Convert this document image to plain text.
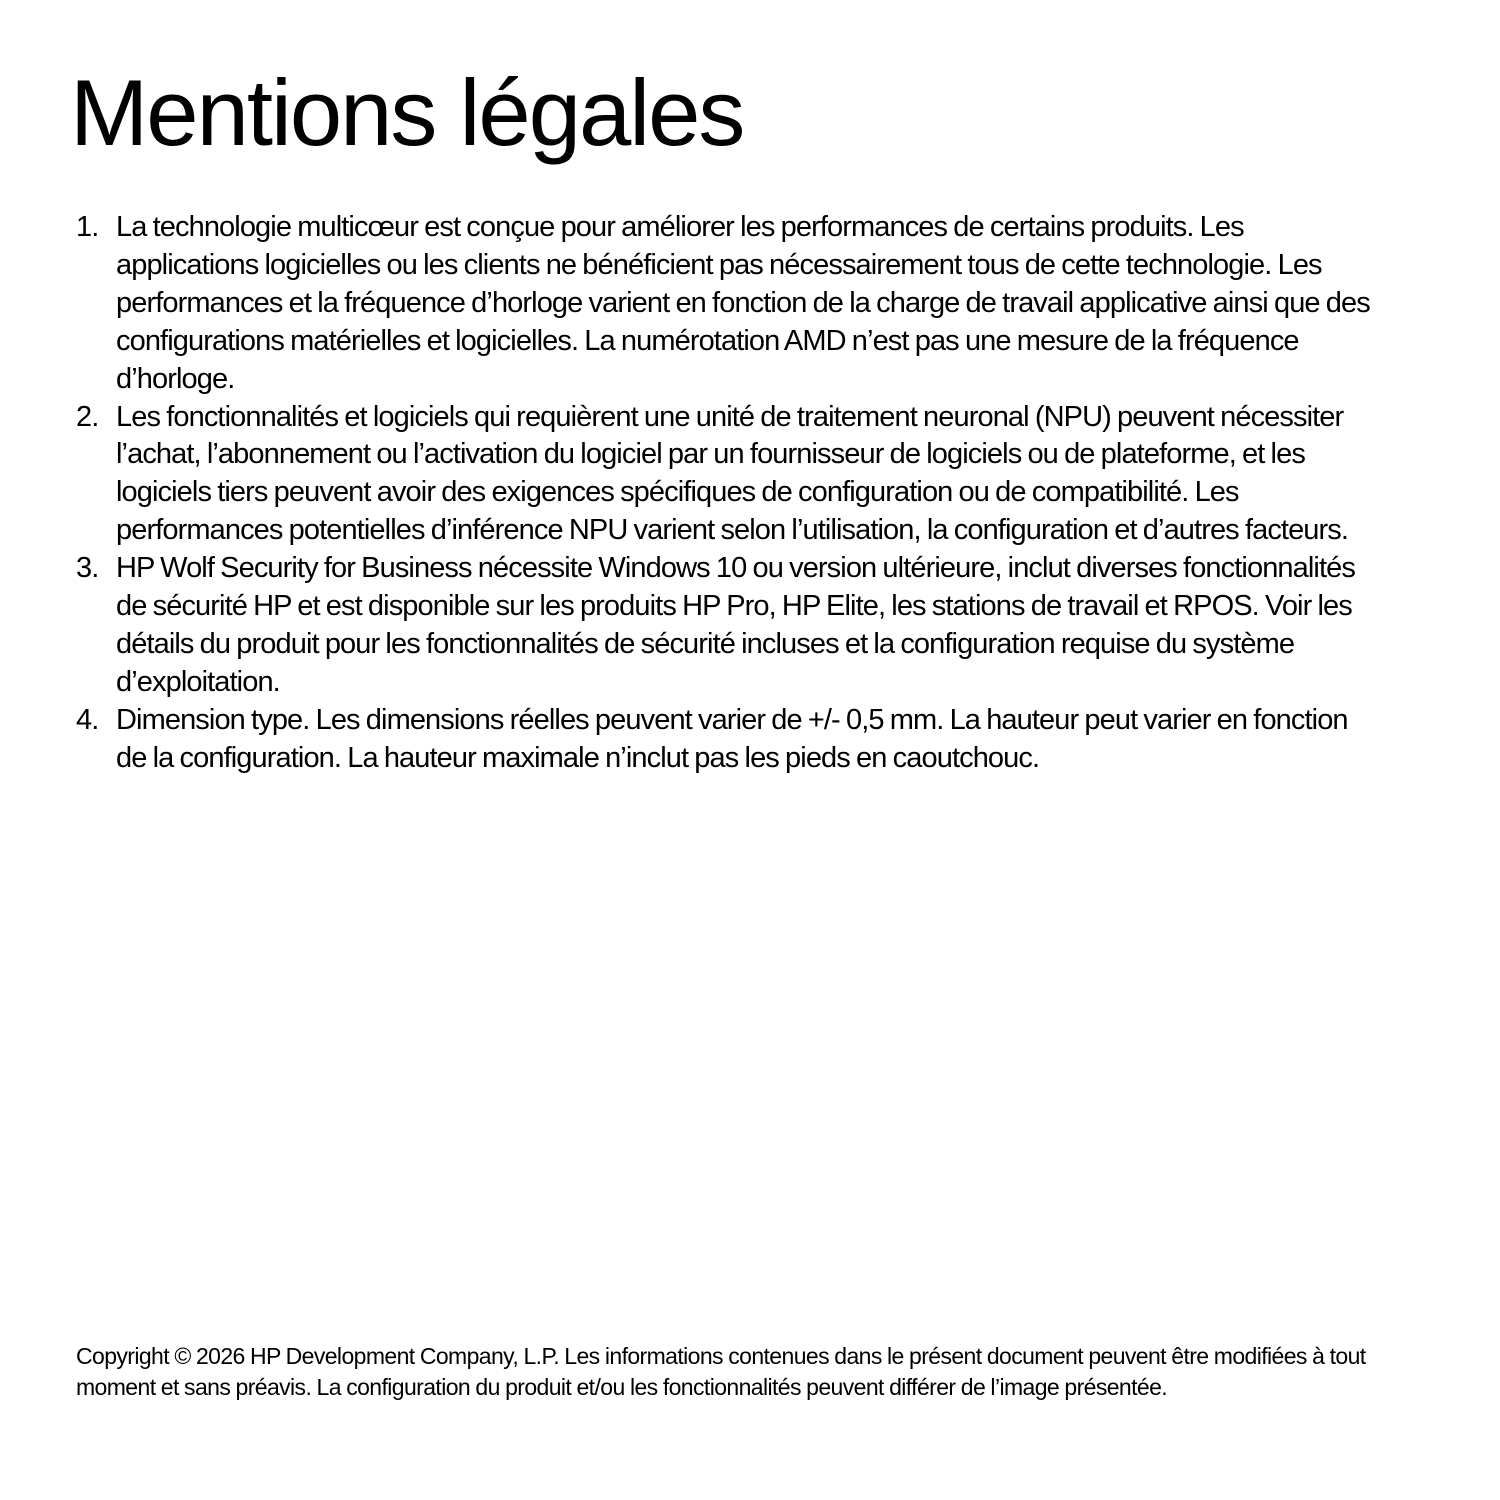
Mentions légales
1. La technologie multicœur est conçue pour améliorer les performances de certains produits. Les applications logicielles ou les clients ne bénéficient pas nécessairement tous de cette technologie. Les performances et la fréquence d’horloge varient en fonction de la charge de travail applicative ainsi que des configurations matérielles et logicielles. La numérotation AMD n’est pas une mesure de la fréquence d’horloge.
2. Les fonctionnalités et logiciels qui requièrent une unité de traitement neuronal (NPU) peuvent nécessiter l’achat, l’abonnement ou l’activation du logiciel par un fournisseur de logiciels ou de plateforme, et les logiciels tiers peuvent avoir des exigences spécifiques de configuration ou de compatibilité. Les performances potentielles d’inférence NPU varient selon l’utilisation, la configuration et d’autres facteurs.
3. HP Wolf Security for Business nécessite Windows 10 ou version ultérieure, inclut diverses fonctionnalités de sécurité HP et est disponible sur les produits HP Pro, HP Elite, les stations de travail et RPOS. Voir les détails du produit pour les fonctionnalités de sécurité incluses et la configuration requise du système d’exploitation.
4. Dimension type. Les dimensions réelles peuvent varier de +/- 0,5 mm. La hauteur peut varier en fonction de la configuration. La hauteur maximale n’inclut pas les pieds en caoutchouc.

Copyright © 2026 HP Development Company, L.P. Les informations contenues dans le présent document peuvent être modifiées à tout moment et sans préavis. La configuration du produit et/ou les fonctionnalités peuvent différer de l’image présentée.
